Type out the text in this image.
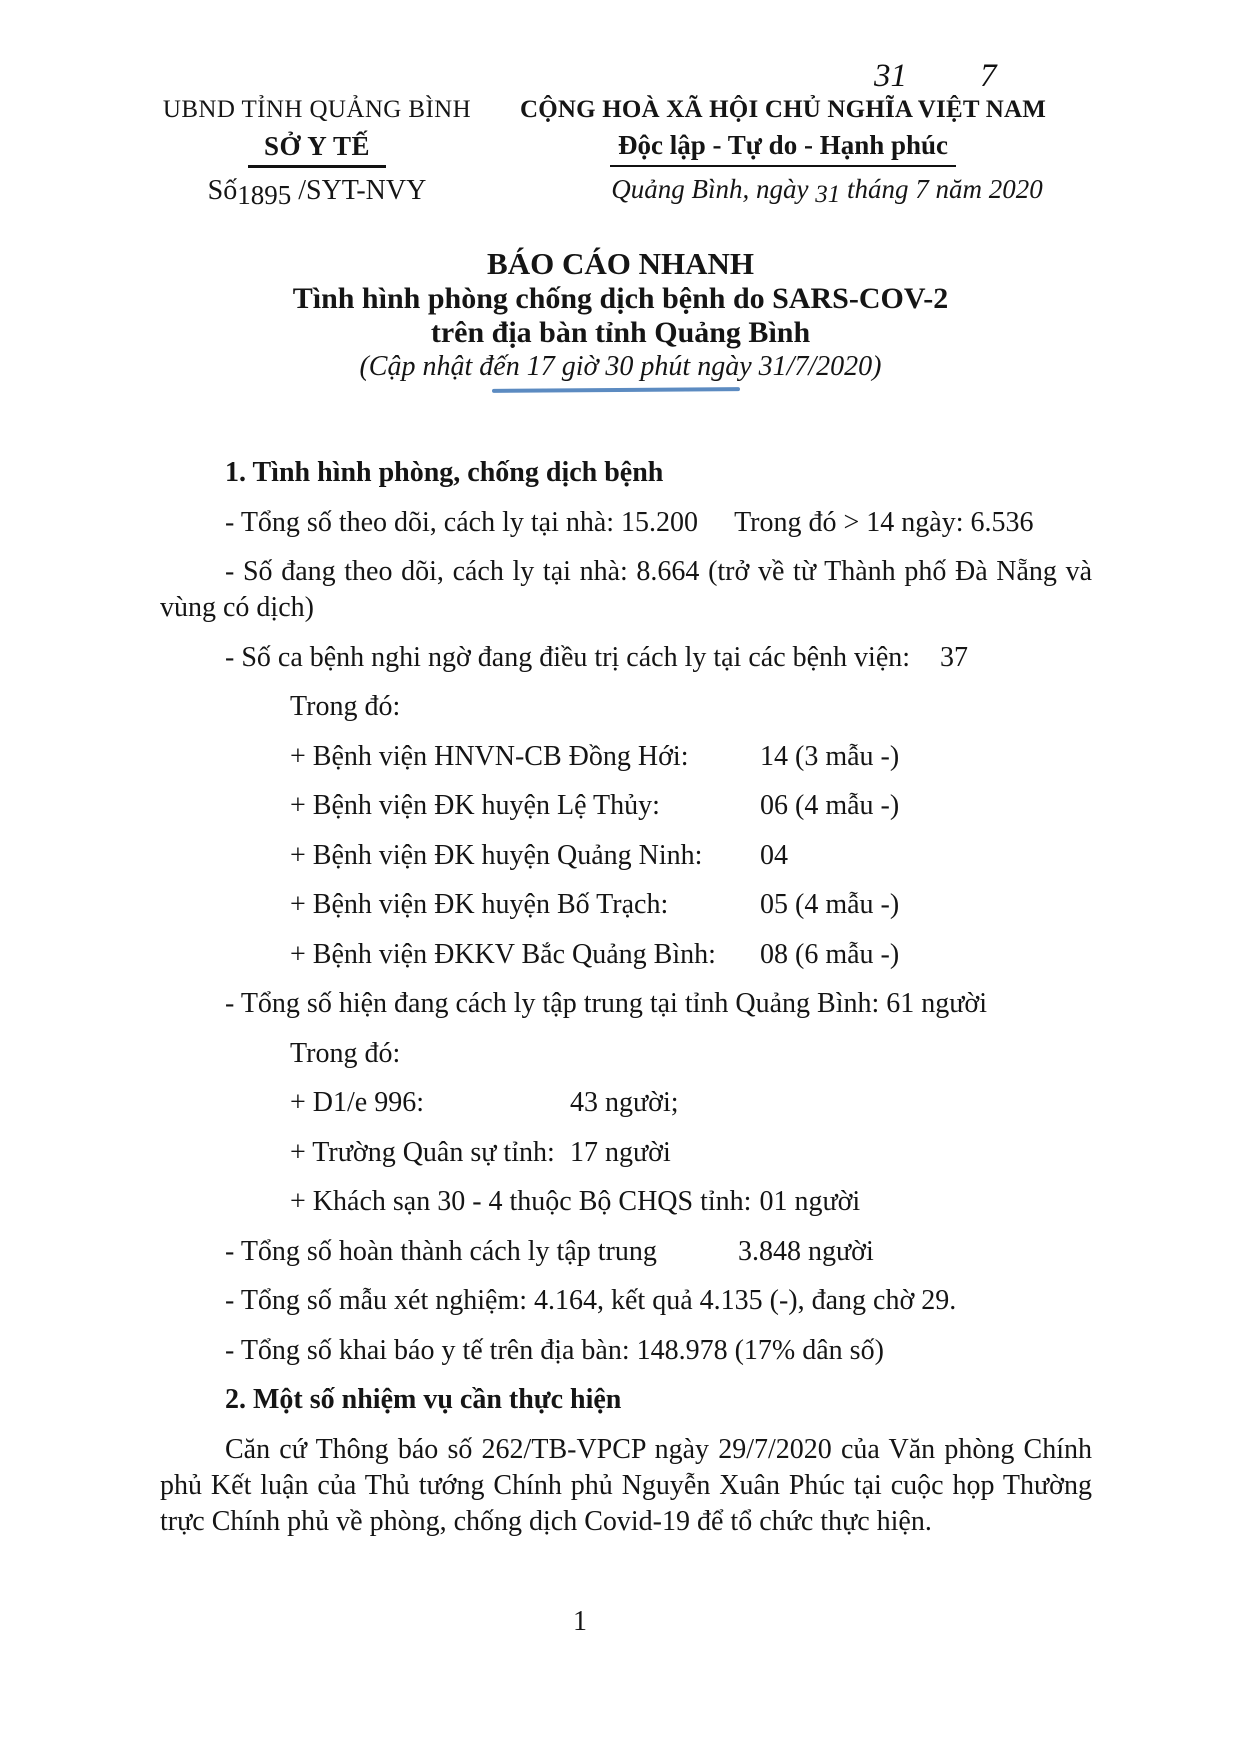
31 7
UBND TỈNH QUẢNG BÌNH
SỞ Y TẾ
Số1895 /SYT-NVY
CỘNG HOÀ XÃ HỘI CHỦ NGHĨA VIỆT NAM
Độc lập - Tự do - Hạnh phúc
Quảng Bình, ngày 31 tháng 7 năm 2020
BÁO CÁO NHANH
Tình hình phòng chống dịch bệnh do SARS-COV-2
trên địa bàn tỉnh Quảng Bình
(Cập nhật đến 17 giờ 30 phút ngày 31/7/2020)
1. Tình hình phòng, chống dịch bệnh
- Tổng số theo dõi, cách ly tại nhà: 15.200 Trong đó > 14 ngày: 6.536

- Số đang theo dõi, cách ly tại nhà: 8.664 (trở về từ Thành phố Đà Nẵng và vùng có dịch)

- Số ca bệnh nghi ngờ đang điều trị cách ly tại các bệnh viện: 37
Trong đó:
+ Bệnh viện HNVN-CB Đồng Hới:	14 (3 mẫu -)
+ Bệnh viện ĐK huyện Lệ Thủy:	06 (4 mẫu -)
+ Bệnh viện ĐK huyện Quảng Ninh:	04
+ Bệnh viện ĐK huyện Bố Trạch:	05 (4 mẫu -)
+ Bệnh viện ĐKKV Bắc Quảng Bình:	08 (6 mẫu -)
- Tổng số hiện đang cách ly tập trung tại tỉnh Quảng Bình: 61 người
Trong đó:
+ D1/e 996:	43 người;
+ Trường Quân sự tỉnh: 17 người
+ Khách sạn 30 - 4 thuộc Bộ CHQS tỉnh: 01 người
- Tổng số hoàn thành cách ly tập trung	3.848 người
- Tổng số mẫu xét nghiệm: 4.164, kết quả 4.135 (-), đang chờ 29.
- Tổng số khai báo y tế trên địa bàn: 148.978 (17% dân số)
2. Một số nhiệm vụ cần thực hiện

Căn cứ Thông báo số 262/TB-VPCP ngày 29/7/2020 của Văn phòng Chính phủ Kết luận của Thủ tướng Chính phủ Nguyễn Xuân Phúc tại cuộc họp Thường trực Chính phủ về phòng, chống dịch Covid-19 để tổ chức thực hiện.

1
